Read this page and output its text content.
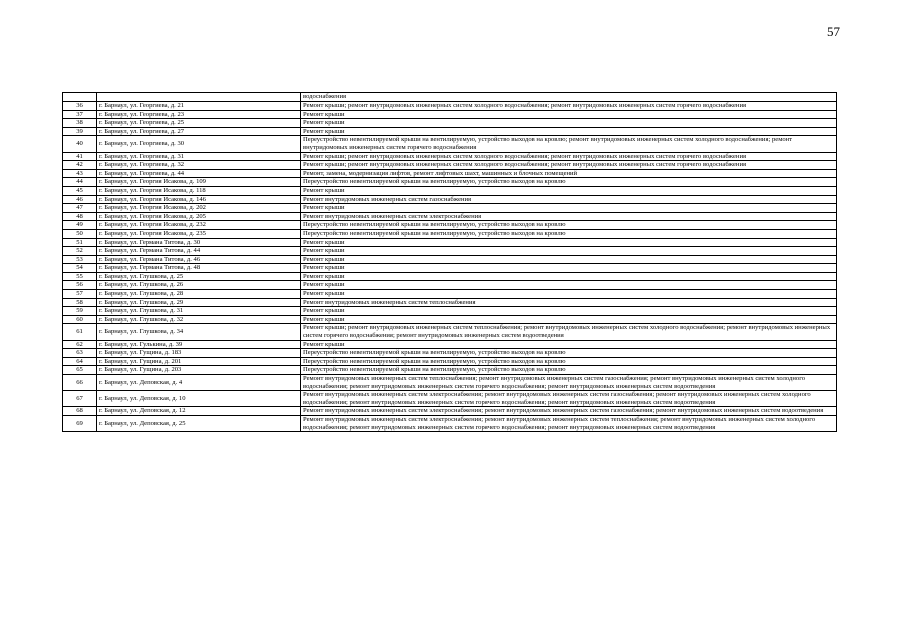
57
		водоснабжения
36	г. Барнаул, ул. Георгиева, д. 21	Ремонт крыши; ремонт внутридомовых инженерных систем холодного водоснабжения; ремонт внутридомовых инженерных систем горячего водоснабжения
37	г. Барнаул, ул. Георгиева, д. 23	Ремонт крыши
38	г. Барнаул, ул. Георгиева, д. 25	Ремонт крыши
39	г. Барнаул, ул. Георгиева, д. 27	Ремонт крыши
40	г. Барнаул, ул. Георгиева, д. 30	Переустройство невентилируемой крыши на вентилируемую, устройство выходов на кровлю; ремонт внутридомовых инженерных систем холодного водоснабжения; ремонт внутридомовых инженерных систем горячего водоснабжения
41	г. Барнаул, ул. Георгиева, д. 31	Ремонт крыши; ремонт внутридомовых инженерных систем холодного водоснабжения; ремонт внутридомовых инженерных систем горячего водоснабжения
42	г. Барнаул, ул. Георгиева, д. 32	Ремонт крыши; ремонт внутридомовых инженерных систем холодного водоснабжения; ремонт внутридомовых инженерных систем горячего водоснабжения
43	г. Барнаул, ул. Георгиева, д. 44	Ремонт, замена, модернизация лифтов, ремонт лифтовых шахт, машинных и блочных помещений
44	г. Барнаул, ул. Георгия Исакова, д. 109	Переустройство невентилируемой крыши на вентилируемую, устройство выходов на кровлю
45	г. Барнаул, ул. Георгия Исакова, д. 118	Ремонт крыши
46	г. Барнаул, ул. Георгия Исакова, д. 146	Ремонт внутридомовых инженерных систем газоснабжения
47	г. Барнаул, ул. Георгия Исакова, д. 202	Ремонт крыши
48	г. Барнаул, ул. Георгия Исакова, д. 205	Ремонт внутридомовых инженерных систем электроснабжения
49	г. Барнаул, ул. Георгия Исакова, д. 232	Переустройство невентилируемой крыши на вентилируемую, устройство выходов на кровлю
50	г. Барнаул, ул. Георгия Исакова, д. 235	Переустройство невентилируемой крыши на вентилируемую, устройство выходов на кровлю
51	г. Барнаул, ул. Германа Титова, д. 30	Ремонт крыши
52	г. Барнаул, ул. Германа Титова, д. 44	Ремонт крыши
53	г. Барнаул, ул. Германа Титова, д. 46	Ремонт крыши
54	г. Барнаул, ул. Германа Титова, д. 48	Ремонт крыши
55	г. Барнаул, ул. Глушкова, д. 25	Ремонт крыши
56	г. Барнаул, ул. Глушкова, д. 26	Ремонт крыши
57	г. Барнаул, ул. Глушкова, д. 28	Ремонт крыши
58	г. Барнаул, ул. Глушкова, д. 29	Ремонт внутридомовых инженерных систем теплоснабжения
59	г. Барнаул, ул. Глушкова, д. 31	Ремонт крыши
60	г. Барнаул, ул. Глушкова, д. 32	Ремонт крыши
61	г. Барнаул, ул. Глушкова, д. 34	Ремонт крыши; ремонт внутридомовых инженерных систем теплоснабжения; ремонт внутридомовых инженерных систем холодного водоснабжения; ремонт внутридомовых инженерных систем горячего водоснабжения; ремонт внутридомовых инженерных систем водоотведения
62	г. Барнаул, ул. Гулькина, д. 39	Ремонт крыши
63	г. Барнаул, ул. Гущина, д. 183	Переустройство невентилируемой крыши на вентилируемую, устройство выходов на кровлю
64	г. Барнаул, ул. Гущина, д. 201	Переустройство невентилируемой крыши на вентилируемую, устройство выходов на кровлю
65	г. Барнаул, ул. Гущина, д. 203	Переустройство невентилируемой крыши на вентилируемую, устройство выходов на кровлю
66	г. Барнаул, ул. Деповская, д. 4	Ремонт внутридомовых инженерных систем теплоснабжения; ремонт внутридомовых инженерных систем газоснабжения; ремонт внутридомовых инженерных систем холодного водоснабжения; ремонт внутридомовых инженерных систем горячего водоснабжения; ремонт внутридомовых инженерных систем водоотведения
67	г. Барнаул, ул. Деповская, д. 10	Ремонт внутридомовых инженерных систем электроснабжения; ремонт внутридомовых инженерных систем газоснабжения; ремонт внутридомовых инженерных систем холодного водоснабжения; ремонт внутридомовых инженерных систем горячего водоснабжения; ремонт внутридомовых инженерных систем водоотведения
68	г. Барнаул, ул. Деповская, д. 12	Ремонт внутридомовых инженерных систем электроснабжения; ремонт внутридомовых инженерных систем газоснабжения; ремонт внутридомовых инженерных систем водоотведения
69	г. Барнаул, ул. Деповская, д. 25	Ремонт внутридомовых инженерных систем электроснабжения; ремонт внутридомовых инженерных систем теплоснабжения; ремонт внутридомовых инженерных систем холодного водоснабжения; ремонт внутридомовых инженерных систем горячего водоснабжения; ремонт внутридомовых инженерных систем водоотведения
